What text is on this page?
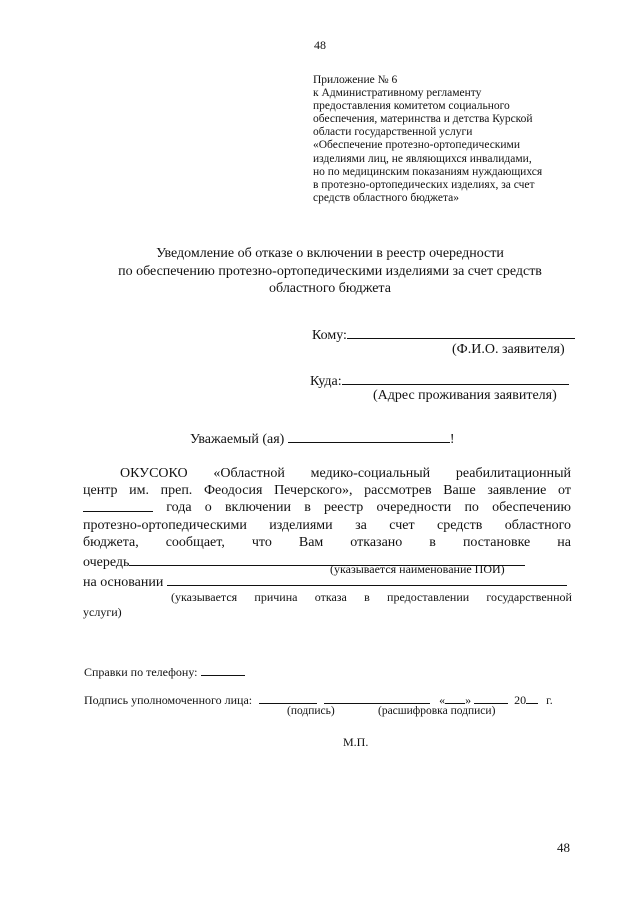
48
Приложение № 6
к Административному регламенту
предоставления комитетом социального
обеспечения, материнства и детства Курской
области государственной услуги
«Обеспечение протезно-ортопедическими
изделиями лиц, не являющихся инвалидами,
но по медицинским показаниям нуждающихся
в протезно-ортопедических изделиях, за счет
средств областного бюджета»
Уведомление об отказе о включении в реестр очередности
по обеспечению протезно-ортопедическими изделиями за счет средств
областного бюджета
Кому:
(Ф.И.О. заявителя)
Куда:
(Адрес проживания заявителя)
Уважаемый (ая)	!
ОКУСОКО «Областной медико-социальный реабилитационный
центр им. преп. Феодосия Печерского», рассмотрев Ваше заявление от
года о включении в реестр очередности по обеспечению
протезно-ортопедическими изделиями за счет средств областного
бюджета, сообщает, что Вам отказано в постановке на
очередь	(указывается наименование ПОИ)
на основании
(указывается причина отказа в предоставлении государственной
услуги)
Справки по телефону:
Подпись уполномоченного лица:	« »	20 г.
(подпись)	(расшифровка подписи)
М.П.
48
